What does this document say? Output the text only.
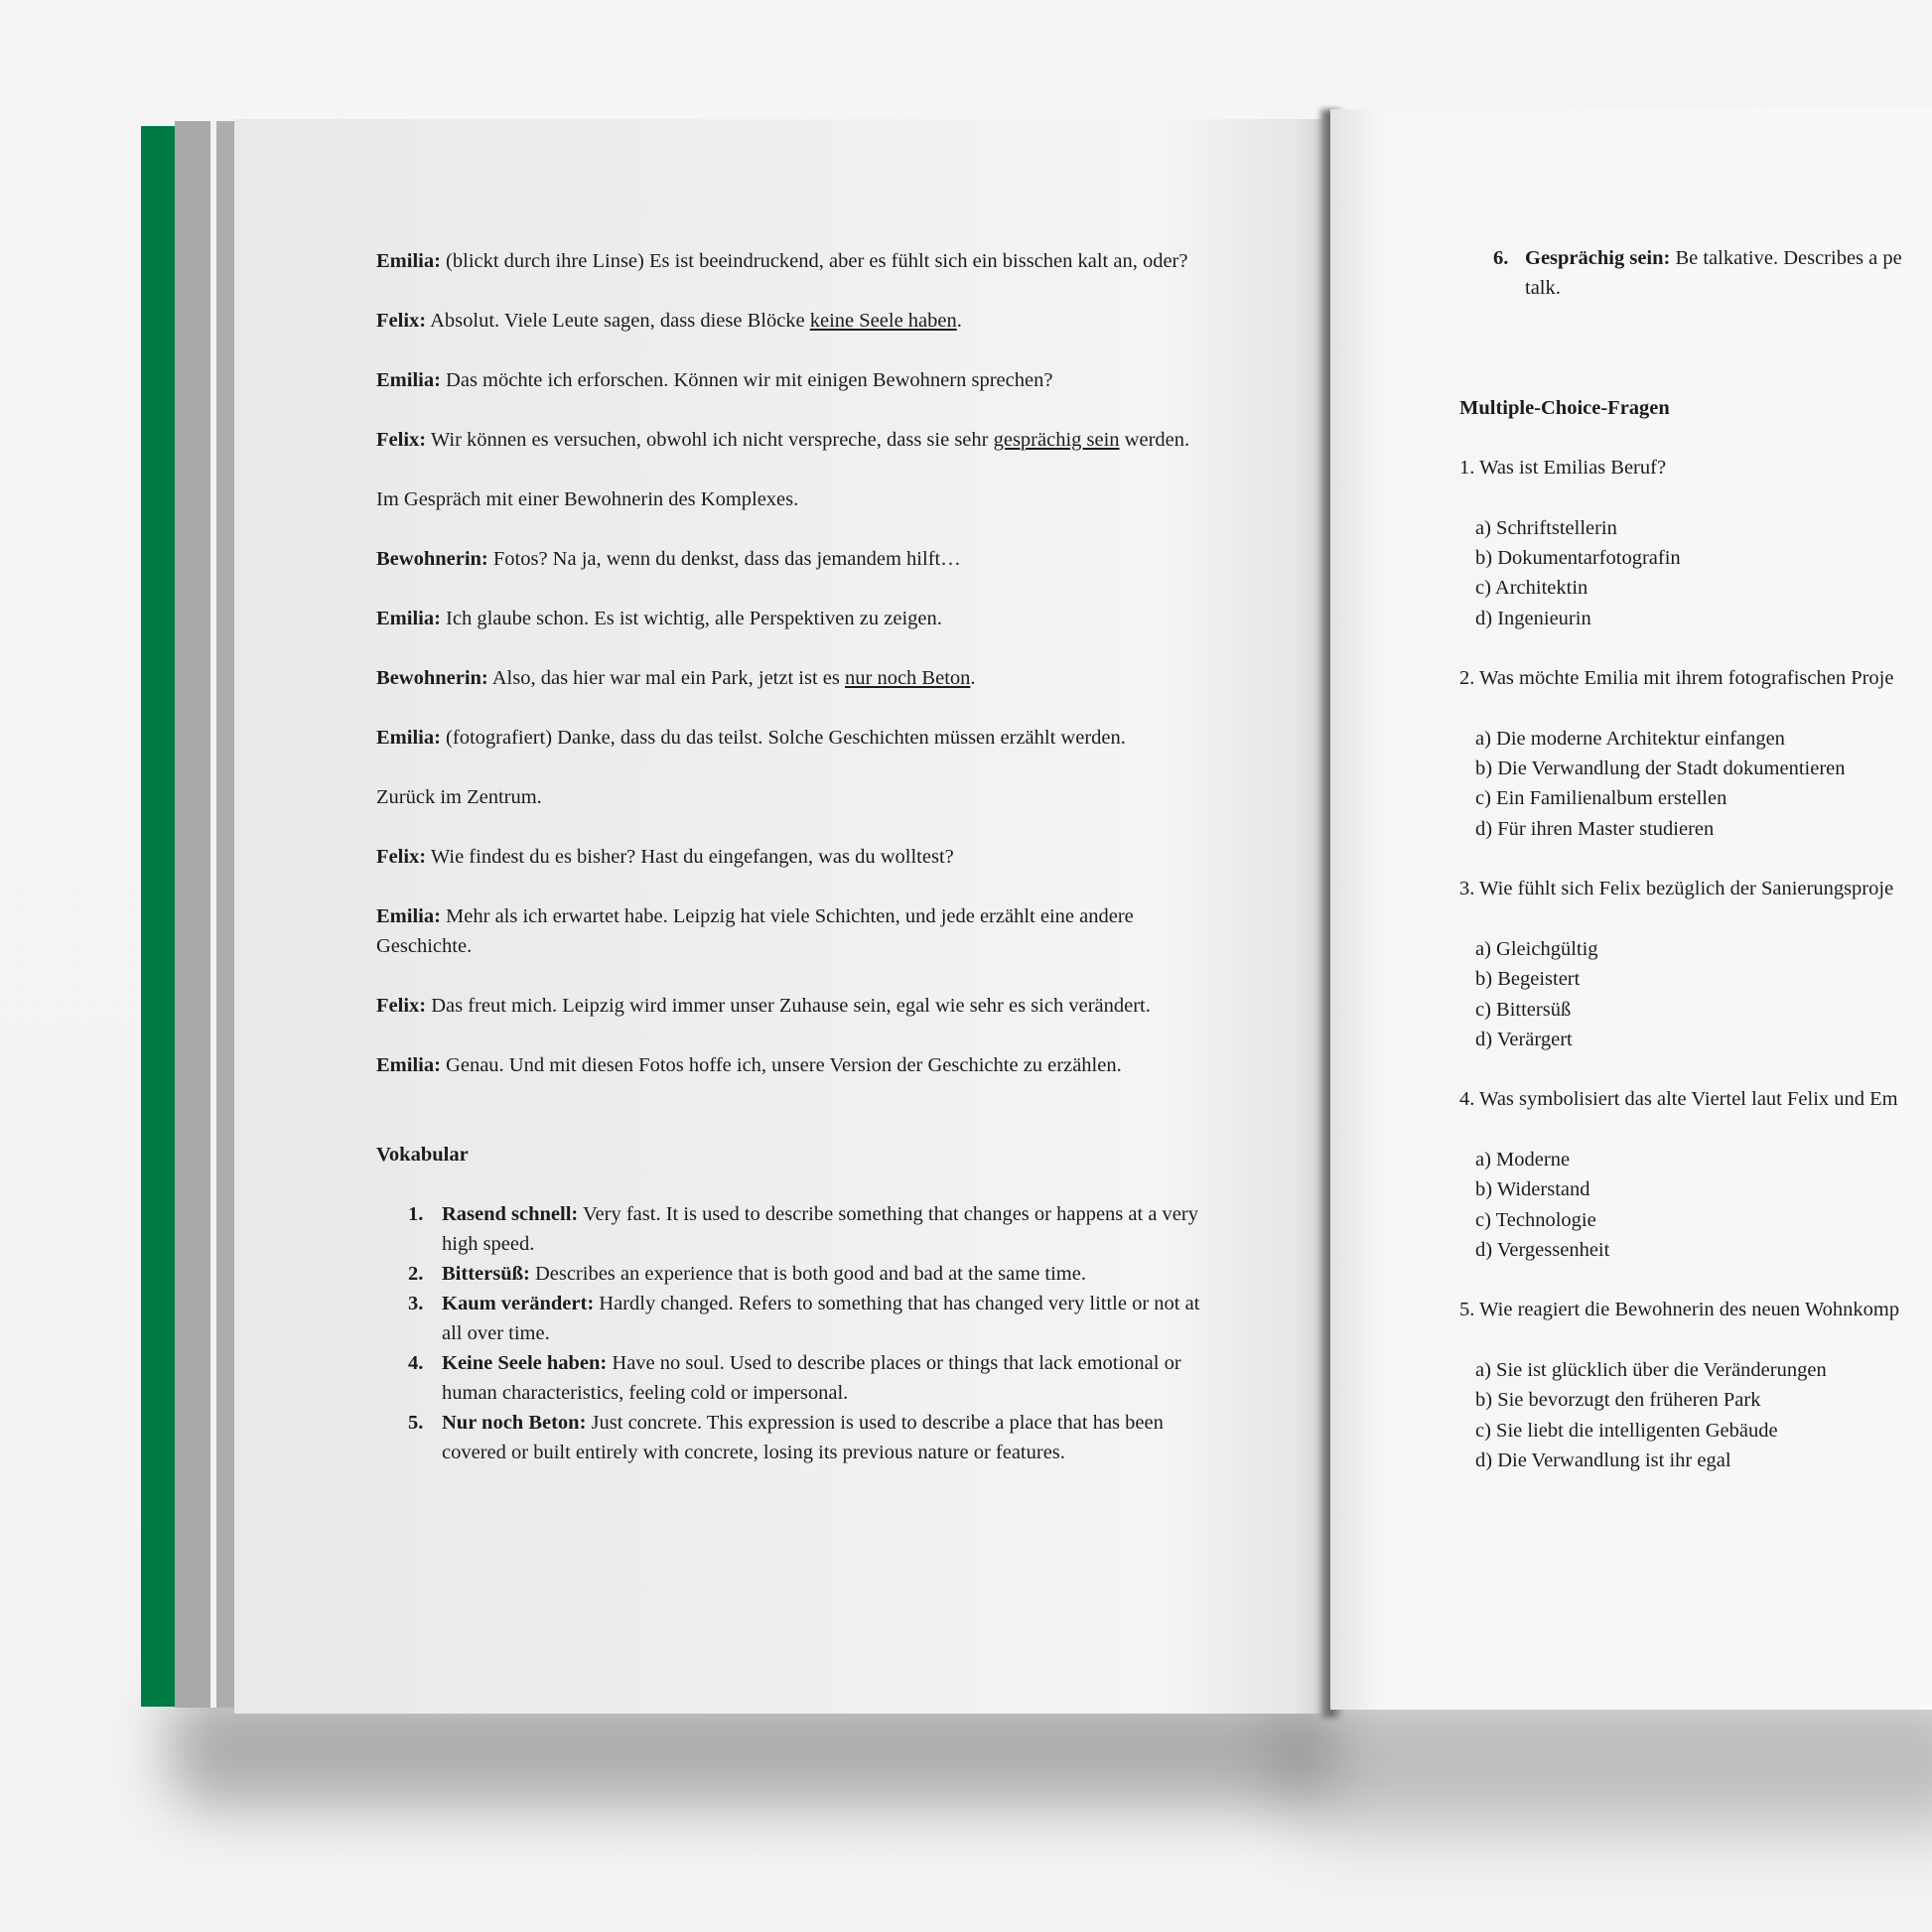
Emilia: (blickt durch ihre Linse) Es ist beeindruckend, aber es fühlt sich ein bisschen kalt an, oder?

Felix: Absolut. Viele Leute sagen, dass diese Blöcke keine Seele haben.

Emilia: Das möchte ich erforschen. Können wir mit einigen Bewohnern sprechen?

Felix: Wir können es versuchen, obwohl ich nicht verspreche, dass sie sehr gesprächig sein werden.

Im Gespräch mit einer Bewohnerin des Komplexes.

Bewohnerin: Fotos? Na ja, wenn du denkst, dass das jemandem hilft…

Emilia: Ich glaube schon. Es ist wichtig, alle Perspektiven zu zeigen.

Bewohnerin: Also, das hier war mal ein Park, jetzt ist es nur noch Beton.

Emilia: (fotografiert) Danke, dass du das teilst. Solche Geschichten müssen erzählt werden.

Zurück im Zentrum.

Felix: Wie findest du es bisher? Hast du eingefangen, was du wolltest?

Emilia: Mehr als ich erwartet habe. Leipzig hat viele Schichten, und jede erzählt eine andere Geschichte.

Felix: Das freut mich. Leipzig wird immer unser Zuhause sein, egal wie sehr es sich verändert.

Emilia: Genau. Und mit diesen Fotos hoffe ich, unsere Version der Geschichte zu erzählen.

Vokabular
1. Rasend schnell: Very fast. It is used to describe something that changes or happens at a very high speed.
2. Bittersüß: Describes an experience that is both good and bad at the same time.
3. Kaum verändert: Hardly changed. Refers to something that has changed very little or not at all over time.
4. Keine Seele haben: Have no soul. Used to describe places or things that lack emotional or human characteristics, feeling cold or impersonal.
5. Nur noch Beton: Just concrete. This expression is used to describe a place that has been covered or built entirely with concrete, losing its previous nature or features.
6. Gesprächig sein: Be talkative. Describes a pe
talk.
Multiple-Choice-Fragen
1. Was ist Emilias Beruf?
a) Schriftstellerin
b) Dokumentarfotografin
c) Architektin
d) Ingenieurin
2. Was möchte Emilia mit ihrem fotografischen Proje
a) Die moderne Architektur einfangen
b) Die Verwandlung der Stadt dokumentieren
c) Ein Familienalbum erstellen
d) Für ihren Master studieren
3. Wie fühlt sich Felix bezüglich der Sanierungsproje
a) Gleichgültig
b) Begeistert
c) Bittersüß
d) Verärgert
4. Was symbolisiert das alte Viertel laut Felix und Em
a) Moderne
b) Widerstand
c) Technologie
d) Vergessenheit
5. Wie reagiert die Bewohnerin des neuen Wohnkomp
a) Sie ist glücklich über die Veränderungen
b) Sie bevorzugt den früheren Park
c) Sie liebt die intelligenten Gebäude
d) Die Verwandlung ist ihr egal
